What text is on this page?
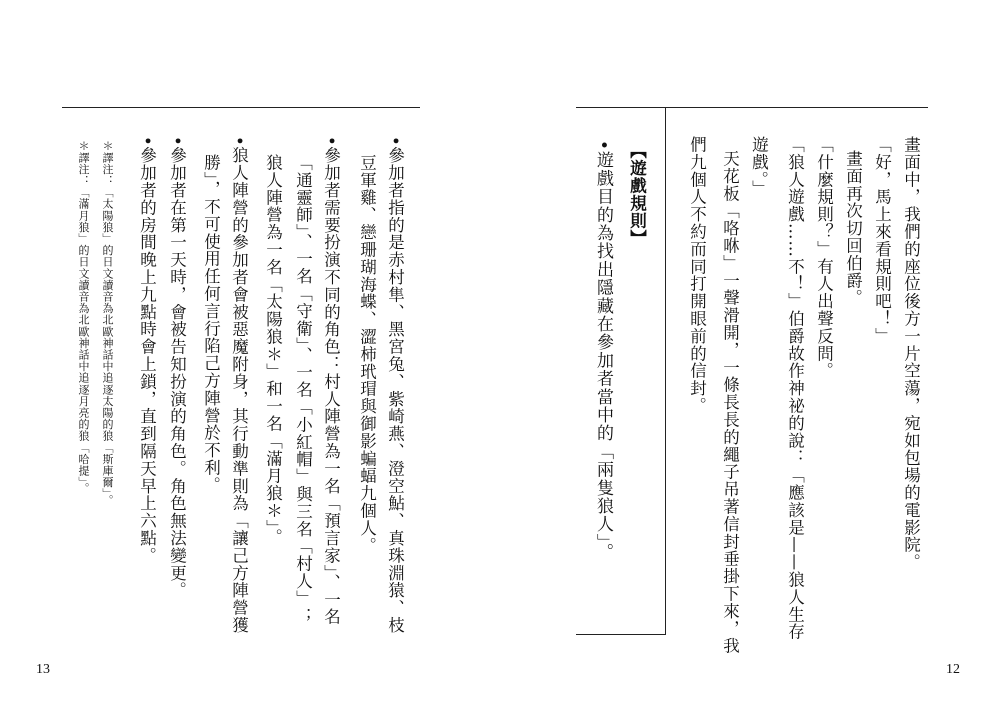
•參加者指的是赤村隼、黑宮兔、紫崎燕、澄空鮎、真珠淵猿、枝
豆軍雞、戀珊瑚海蝶、澀柿玳瑁與御影蝙蝠九個人。
•參加者需要扮演不同的角色：村人陣營為一名「預言家」、一名
「通靈師」、一名「守衛」、一名「小紅帽」與三名「村人」；
狼人陣營為一名「太陽狼＊」和一名「滿月狼＊」。
•狼人陣營的參加者會被惡魔附身，其行動準則為「讓己方陣營獲
勝」，不可使用任何言行陷己方陣營於不利。
•參加者在第一天時，會被告知扮演的角色。角色無法變更。
•參加者的房間晚上九點時會上鎖，直到隔天早上六點。
＊譯注：「太陽狼」的日文讀音為北歐神話中追逐太陽的狼「斯庫爾」。
＊譯注：「滿月狼」的日文讀音為北歐神話中追逐月亮的狼「哈提」。
13
畫面中，我們的座位後方一片空蕩，宛如包場的電影院。
「好，馬上來看規則吧！」
畫面再次切回伯爵。
「什麼規則？」有人出聲反問。
「狼人遊戲……不！」伯爵故作神祕的說：「應該是——狼人生存
遊戲。」
天花板「咯咻」一聲滑開，一條長長的繩子吊著信封垂掛下來，我
們九個人不約而同打開眼前的信封。
【遊戲規則】
•遊戲目的為找出隱藏在參加者當中的「兩隻狼人」。
12
